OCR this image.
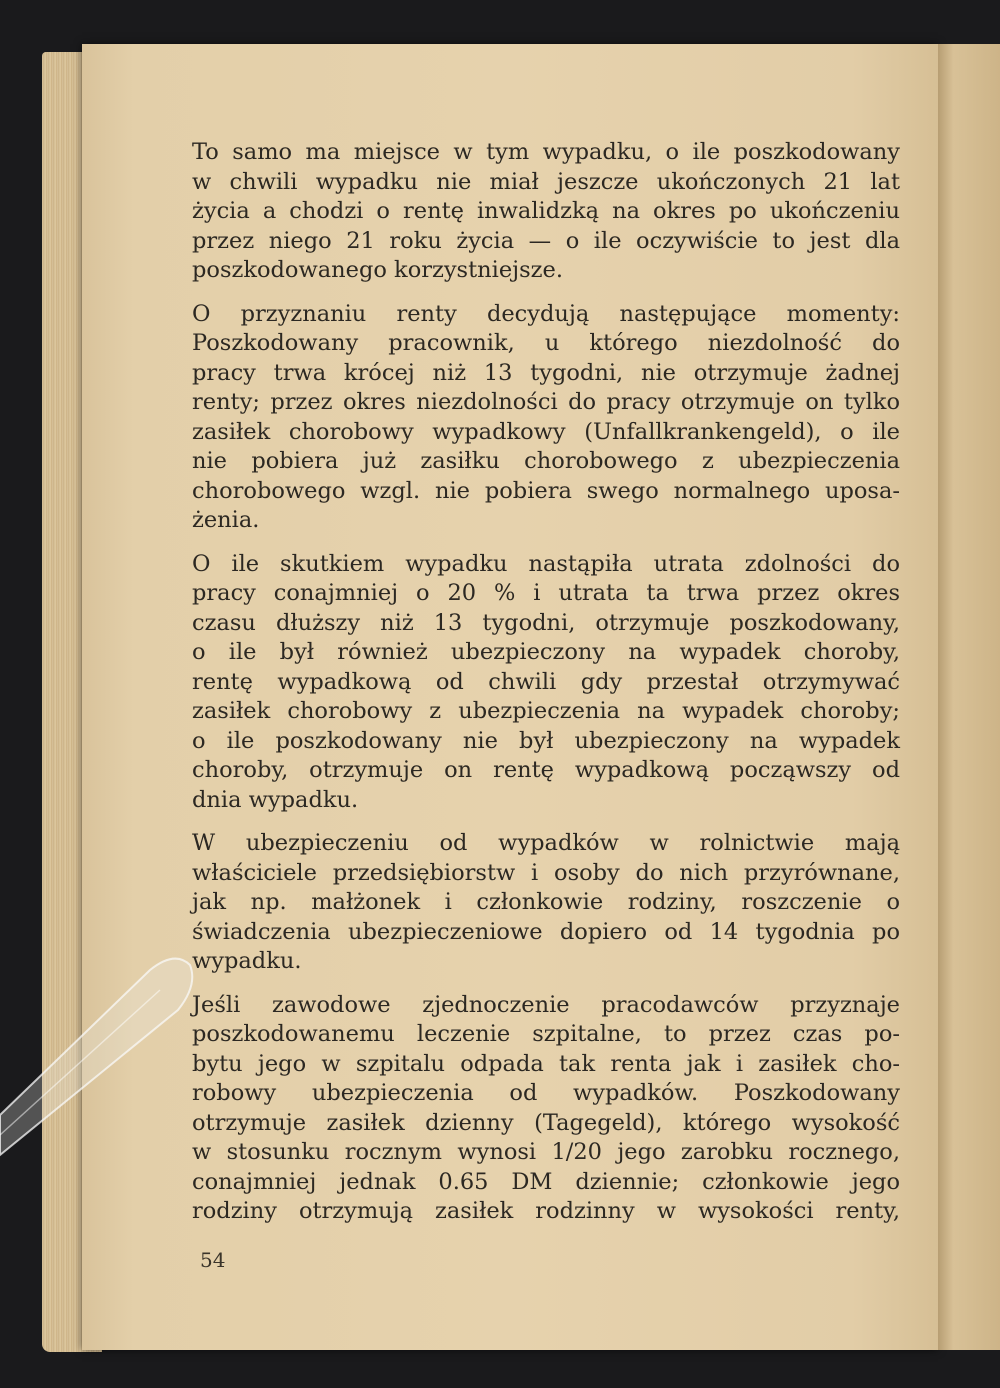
To samo ma miejsce w tym wypadku, o ile poszkodowany
w chwili wypadku nie miał jeszcze ukończonych 21 lat
życia a chodzi o rentę inwalidzką na okres po ukończeniu
przez niego 21 roku życia — o ile oczywiście to jest dla
poszkodowanego korzystniejsze.
O przyznaniu renty decydują następujące momenty:
Poszkodowany pracownik, u którego niezdolność do
pracy trwa krócej niż 13 tygodni, nie otrzymuje żadnej
renty; przez okres niezdolności do pracy otrzymuje on tylko
zasiłek chorobowy wypadkowy (Unfallkrankengeld), o ile
nie pobiera już zasiłku chorobowego z ubezpieczenia
chorobowego wzgl. nie pobiera swego normalnego uposa-
żenia.
O ile skutkiem wypadku nastąpiła utrata zdolności do
pracy conajmniej o 20 % i utrata ta trwa przez okres
czasu dłuższy niż 13 tygodni, otrzymuje poszkodowany,
o ile był również ubezpieczony na wypadek choroby,
rentę wypadkową od chwili gdy przestał otrzymywać
zasiłek chorobowy z ubezpieczenia na wypadek choroby;
o ile poszkodowany nie był ubezpieczony na wypadek
choroby, otrzymuje on rentę wypadkową począwszy od
dnia wypadku.
W ubezpieczeniu od wypadków w rolnictwie mają
właściciele przedsiębiorstw i osoby do nich przyrównane,
jak np. małżonek i członkowie rodziny, roszczenie o
świadczenia ubezpieczeniowe dopiero od 14 tygodnia po
wypadku.
Jeśli zawodowe zjednoczenie pracodawców przyznaje
poszkodowanemu leczenie szpitalne, to przez czas po-
bytu jego w szpitalu odpada tak renta jak i zasiłek cho-
robowy ubezpieczenia od wypadków. Poszkodowany
otrzymuje zasiłek dzienny (Tagegeld), którego wysokość
w stosunku rocznym wynosi 1/20 jego zarobku rocznego,
conajmniej jednak 0.65 DM dziennie; członkowie jego
rodziny otrzymują zasiłek rodzinny w wysokości renty,
54
